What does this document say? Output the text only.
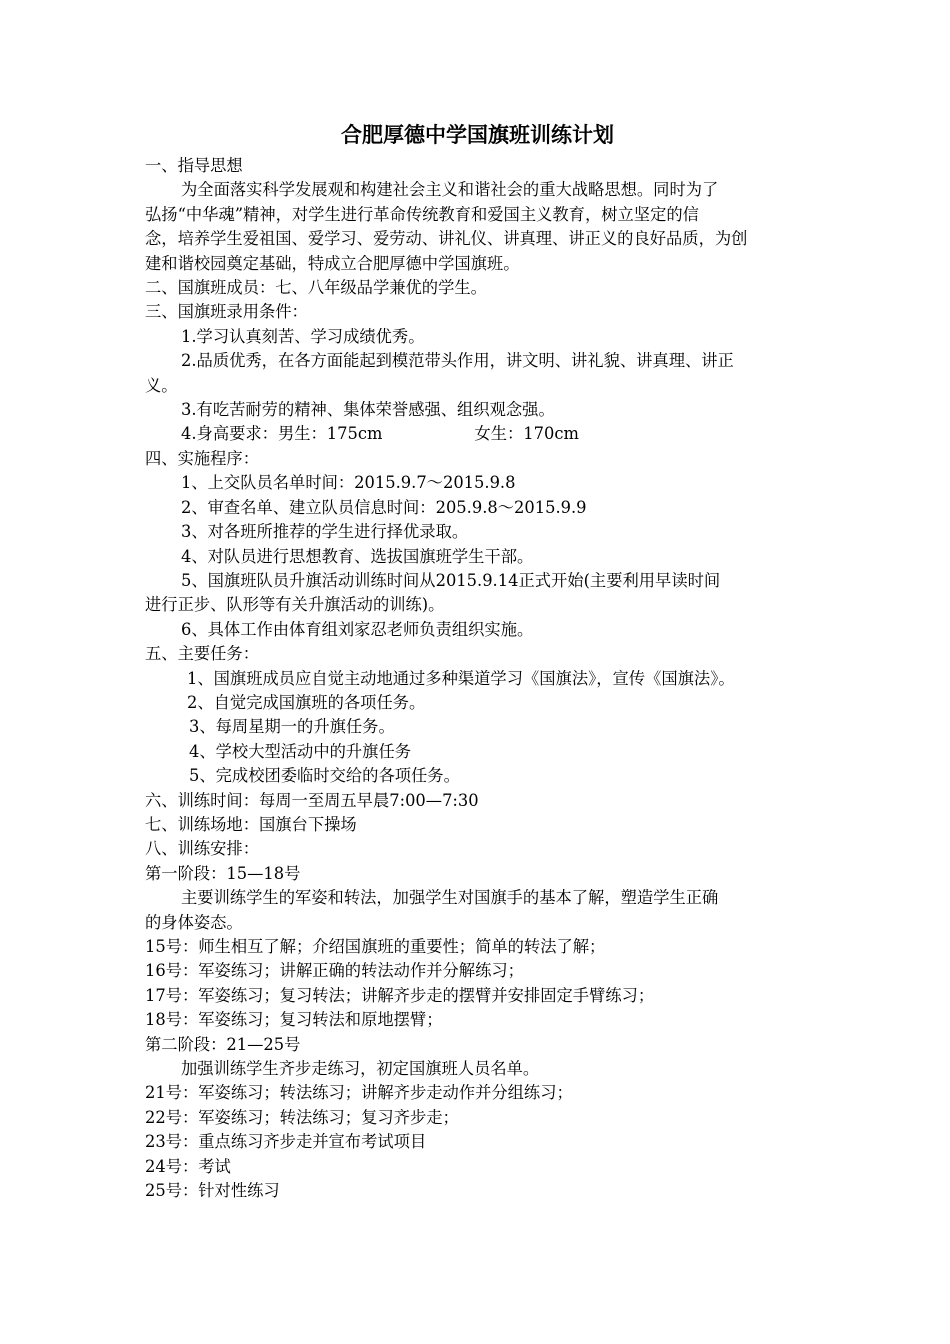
合肥厚德中学国旗班训练计划
一、指导思想
为全面落实科学发展观和构建社会主义和谐社会的重大战略思想。同时为了
弘扬“中华魂”精神，对学生进行革命传统教育和爱国主义教育，树立坚定的信
念，培养学生爱祖国、爱学习、爱劳动、讲礼仪、讲真理、讲正义的良好品质，为创
建和谐校园奠定基础，特成立合肥厚德中学国旗班。
二、国旗班成员：七、八年级品学兼优的学生。
三、国旗班录用条件：
1.学习认真刻苦、学习成绩优秀。
2.品质优秀，在各方面能起到模范带头作用，讲文明、讲礼貌、讲真理、讲正
义。
3.有吃苦耐劳的精神、集体荣誉感强、组织观念强。
4.身高要求：男生：175cm	女生：170cm
四、实施程序：
1、上交队员名单时间：2015.9.7～2015.9.8
2、审查名单、建立队员信息时间：205.9.8～2015.9.9
3、对各班所推荐的学生进行择优录取。
4、对队员进行思想教育、选拔国旗班学生干部。
5、国旗班队员升旗活动训练时间从2015.9.14正式开始(主要利用早读时间
进行正步、队形等有关升旗活动的训练)。
6、具体工作由体育组刘家忍老师负责组织实施。
五、主要任务：
1、国旗班成员应自觉主动地通过多种渠道学习《国旗法》，宣传《国旗法》。
2、自觉完成国旗班的各项任务。
3、每周星期一的升旗任务。
4、学校大型活动中的升旗任务
5、完成校团委临时交给的各项任务。
六、训练时间：每周一至周五早晨7:00—7:30
七、训练场地：国旗台下操场
八、训练安排：
第一阶段：15—18号
主要训练学生的军姿和转法，加强学生对国旗手的基本了解，塑造学生正确
的身体姿态。
15号：师生相互了解；介绍国旗班的重要性；简单的转法了解；
16号：军姿练习；讲解正确的转法动作并分解练习；
17号：军姿练习；复习转法；讲解齐步走的摆臂并安排固定手臂练习；
18号：军姿练习；复习转法和原地摆臂；
第二阶段：21—25号
加强训练学生齐步走练习，初定国旗班人员名单。
21号：军姿练习；转法练习；讲解齐步走动作并分组练习；
22号：军姿练习；转法练习；复习齐步走；
23号：重点练习齐步走并宣布考试项目
24号：考试
25号：针对性练习
